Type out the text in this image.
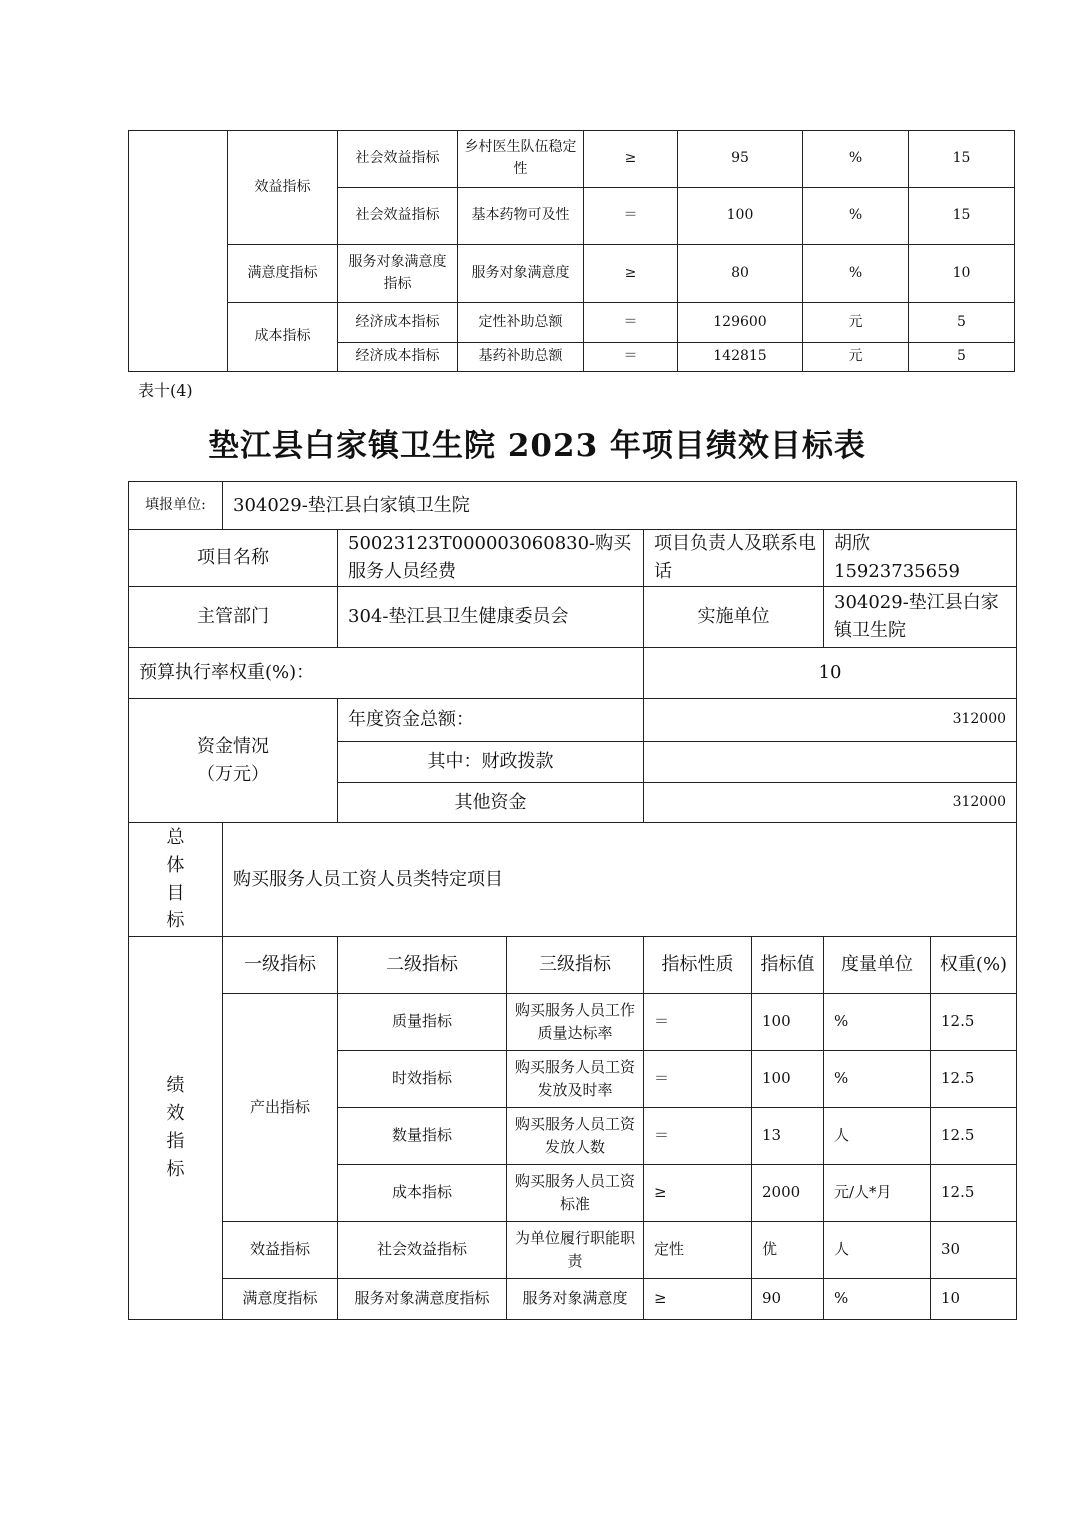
	效益指标	社会效益指标	乡村医生队伍稳定性	≥	95	%	15
		社会效益指标	基本药物可及性	＝	100	%	15
	满意度指标	服务对象满意度指标	服务对象满意度	≥	80	%	10
	成本指标	经济成本指标	定性补助总额	＝	129600	元	5
		经济成本指标	基药补助总额	＝	142815	元	5
表十(4)
垫江县白家镇卫生院 2023 年项目绩效目标表
填报单位:	304029-垫江县白家镇卫生院						
项目名称		50023123T000003060830-购买服务人员经费		项目负责人及联系电话		胡欣　15923735659	
主管部门		304-垫江县卫生健康委员会		实施单位		304029-垫江县白家镇卫生院	
预算执行率权重(%)：				10			

资金情况
（万元）		年度资金总额：		312000			
		其中：财政拨款					
		其他资金		312000			

总
体
目
标	购买服务人员工资人员类特定项目						

绩
效
指
标	一级指标	二级指标	三级指标	指标性质	指标值	度量单位	权重(%)
	产出指标	质量指标	购买服务人员工作质量达标率	＝	100	%	12.5
		时效指标	购买服务人员工资发放及时率	＝	100	%	12.5
		数量指标	购买服务人员工资发放人数	＝	13	人	12.5
		成本指标	购买服务人员工资标准	≥	2000	元/人*月	12.5
	效益指标	社会效益指标	为单位履行职能职责	定性	优	人	30
	满意度指标	服务对象满意度指标	服务对象满意度	≥	90	%	10
